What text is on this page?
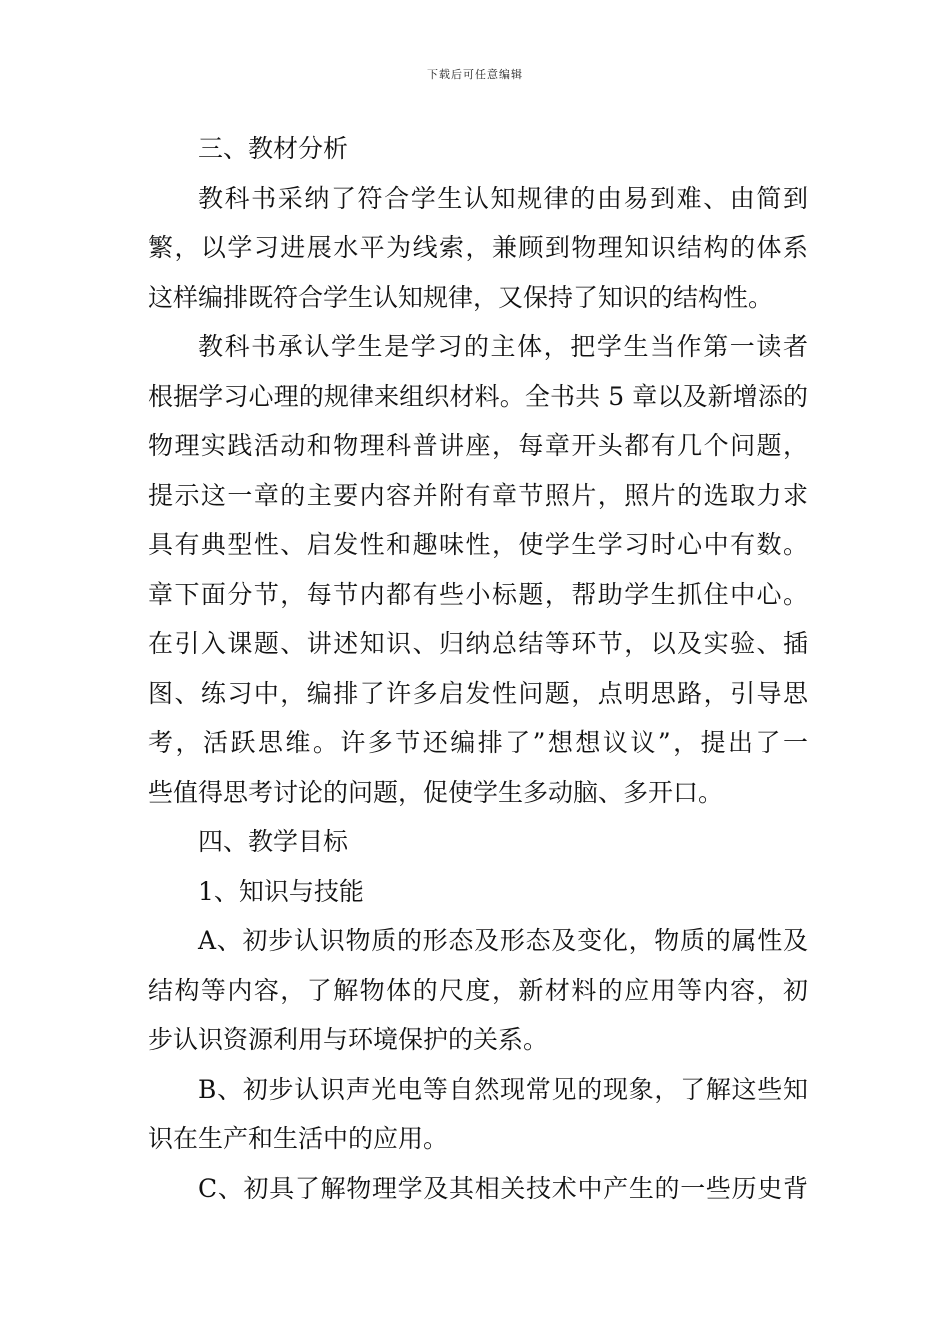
下载后可任意编辑
三、教材分析
教科书采纳了符合学生认知规律的由易到难、由简到
繁，以学习进展水平为线索，兼顾到物理知识结构的体系
这样编排既符合学生认知规律，又保持了知识的结构性。
教科书承认学生是学习的主体，把学生当作第一读者
根据学习心理的规律来组织材料。全书共 5 章以及新增添的
物理实践活动和物理科普讲座，每章开头都有几个问题，
提示这一章的主要内容并附有章节照片，照片的选取力求
具有典型性、启发性和趣味性，使学生学习时心中有数。
章下面分节，每节内都有些小标题，帮助学生抓住中心。
在引入课题、讲述知识、归纳总结等环节，以及实验、插
图、练习中，编排了许多启发性问题，点明思路，引导思
考，活跃思维。许多节还编排了”想想议议”，提出了一
些值得思考讨论的问题，促使学生多动脑、多开口。
四、教学目标
1、知识与技能
A、初步认识物质的形态及形态及变化，物质的属性及
结构等内容，了解物体的尺度，新材料的应用等内容，初
步认识资源利用与环境保护的关系。
B、初步认识声光电等自然现常见的现象，了解这些知
识在生产和生活中的应用。
C、初具了解物理学及其相关技术中产生的一些历史背
